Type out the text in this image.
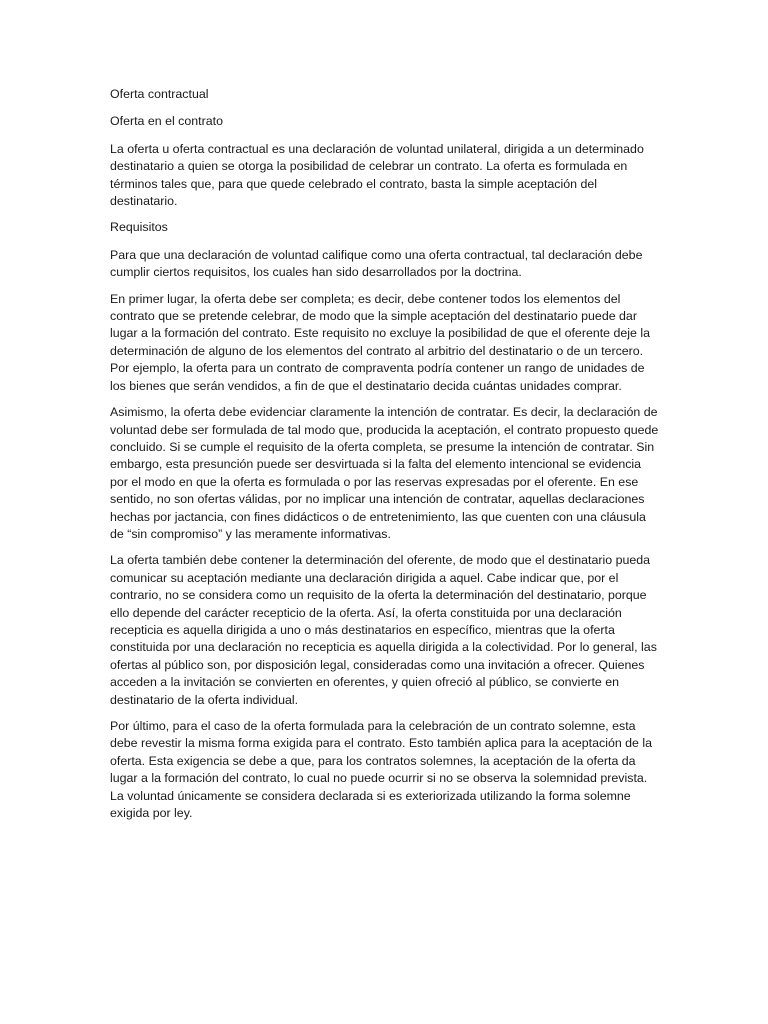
Oferta contractual

Oferta en el contrato

La oferta u oferta contractual es una declaración de voluntad unilateral, dirigida a un determinado destinatario a quien se otorga la posibilidad de celebrar un contrato. La oferta es formulada en términos tales que, para que quede celebrado el contrato, basta la simple aceptación del destinatario.

Requisitos

Para que una declaración de voluntad califique como una oferta contractual, tal declaración debe cumplir ciertos requisitos, los cuales han sido desarrollados por la doctrina.

En primer lugar, la oferta debe ser completa; es decir, debe contener todos los elementos del contrato que se pretende celebrar, de modo que la simple aceptación del destinatario puede dar lugar a la formación del contrato. Este requisito no excluye la posibilidad de que el oferente deje la determinación de alguno de los elementos del contrato al arbitrio del destinatario o de un tercero. Por ejemplo, la oferta para un contrato de compraventa podría contener un rango de unidades de los bienes que serán vendidos, a fin de que el destinatario decida cuántas unidades comprar.

Asimismo, la oferta debe evidenciar claramente la intención de contratar. Es decir, la declaración de voluntad debe ser formulada de tal modo que, producida la aceptación, el contrato propuesto quede concluido. Si se cumple el requisito de la oferta completa, se presume la intención de contratar. Sin embargo, esta presunción puede ser desvirtuada si la falta del elemento intencional se evidencia por el modo en que la oferta es formulada o por las reservas expresadas por el oferente. En ese sentido, no son ofertas válidas, por no implicar una intención de contratar, aquellas declaraciones hechas por jactancia, con fines didácticos o de entretenimiento, las que cuenten con una cláusula de “sin compromiso” y las meramente informativas.

La oferta también debe contener la determinación del oferente, de modo que el destinatario pueda comunicar su aceptación mediante una declaración dirigida a aquel. Cabe indicar que, por el contrario, no se considera como un requisito de la oferta la determinación del destinatario, porque ello depende del carácter recepticio de la oferta. Así, la oferta constituida por una declaración recepticia es aquella dirigida a uno o más destinatarios en específico, mientras que la oferta constituida por una declaración no recepticia es aquella dirigida a la colectividad. Por lo general, las ofertas al público son, por disposición legal, consideradas como una invitación a ofrecer. Quienes acceden a la invitación se convierten en oferentes, y quien ofreció al público, se convierte en destinatario de la oferta individual.

Por último, para el caso de la oferta formulada para la celebración de un contrato solemne, esta debe revestir la misma forma exigida para el contrato. Esto también aplica para la aceptación de la oferta. Esta exigencia se debe a que, para los contratos solemnes, la aceptación de la oferta da lugar a la formación del contrato, lo cual no puede ocurrir si no se observa la solemnidad prevista. La voluntad únicamente se considera declarada si es exteriorizada utilizando la forma solemne exigida por ley.
